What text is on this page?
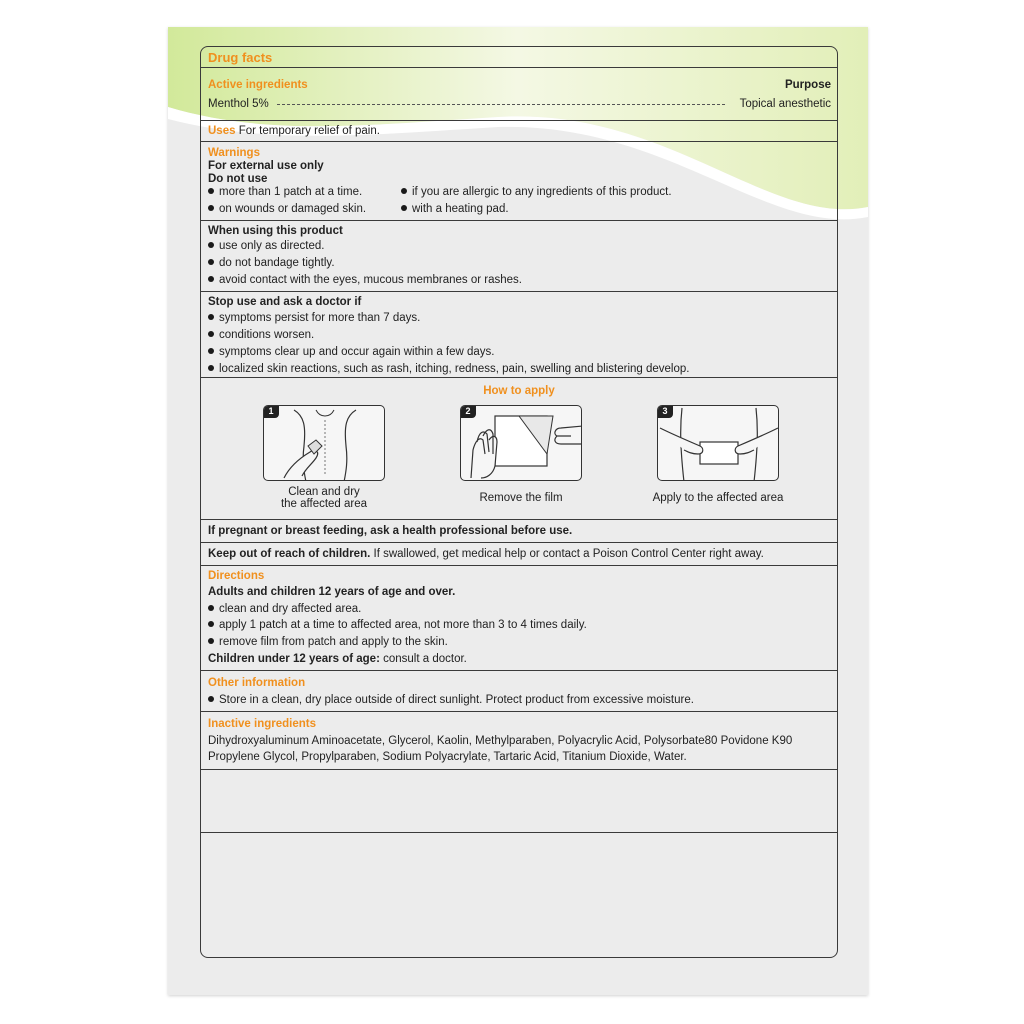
Drug facts
Active ingredients	Purpose
Menthol 5%	Topical anesthetic
Uses For temporary relief of pain.
Warnings
For external use only
Do not use
more than 1 patch at a time.
on wounds or damaged skin.
if you are allergic to any ingredients of this product.
with a heating pad.
When using this product
use only as directed.
do not bandage tightly.
avoid contact with the eyes, mucous membranes or rashes.
Stop use and ask a doctor if
symptoms persist for more than 7 days.
conditions worsen.
symptoms clear up and occur again within a few days.
localized skin reactions, such as rash, itching, redness, pain, swelling and blistering develop.
How to apply
1
Clean and dry
the affected area
2
Remove the film
3
Apply to the affected area
If pregnant or breast feeding, ask a health professional before use.
Keep out of reach of children. If swallowed, get medical help or contact a Poison Control Center right away.
Directions
Adults and children 12 years of age and over.
clean and dry affected area.
apply 1 patch at a time to affected area, not more than 3 to 4 times daily.
remove film from patch and apply to the skin.
Children under 12 years of age: consult a doctor.
Other information
Store in a clean, dry place outside of direct sunlight. Protect product from excessive moisture.
Inactive ingredients
Dihydroxyaluminum Aminoacetate, Glycerol, Kaolin, Methylparaben, Polyacrylic Acid, Polysorbate80 Povidone K90
Propylene Glycol, Propylparaben, Sodium Polyacrylate, Tartaric Acid, Titanium Dioxide, Water.
